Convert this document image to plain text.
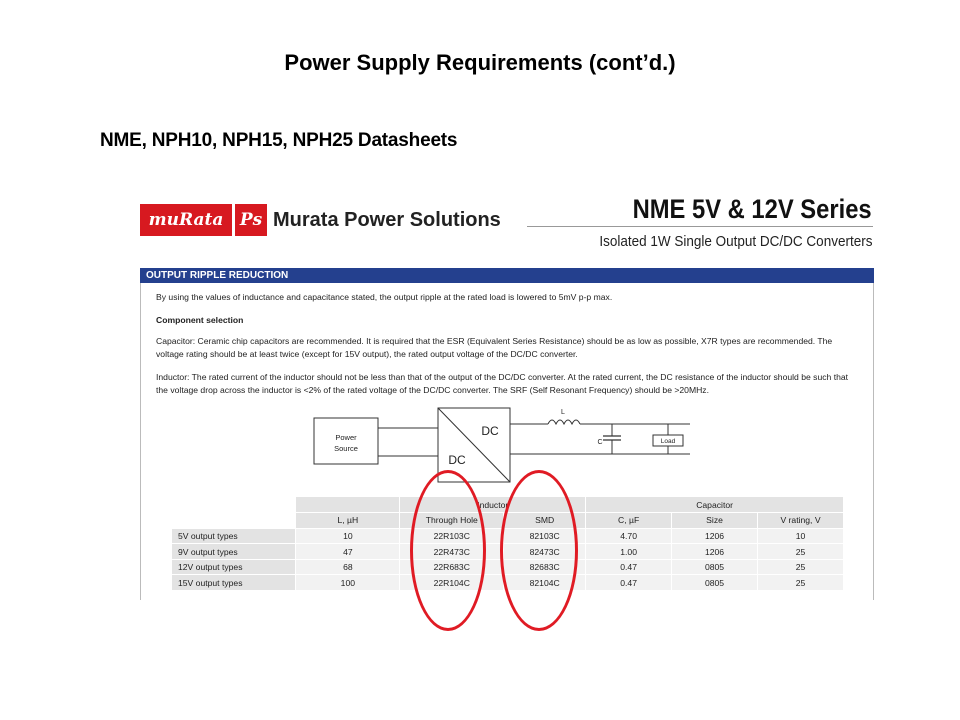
Power Supply Requirements (cont’d.)
NME, NPH10, NPH15, NPH25 Datasheets
muRata Ps Murata Power Solutions	NME 5V & 12V Series
Isolated 1W Single Output DC/DC Converters
OUTPUT RIPPLE REDUCTION
By using the values of inductance and capacitance stated, the output ripple at the rated load is lowered to 5mV p-p max.
Component selection
Capacitor: Ceramic chip capacitors are recommended. It is required that the ESR (Equivalent Series Resistance) should be as low as possible, X7R types are recommended. The voltage rating should be at least twice (except for 15V output), the rated output voltage of the DC/DC converter.
Inductor: The rated current of the inductor should not be less than that of the output of the DC/DC converter. At the rated current, the DC resistance of the inductor should be such that the voltage drop across the inductor is <2% of the rated voltage of the DC/DC converter. The SRF (Self Resonant Frequency) should be >20MHz.
Power
Source
DC
DC
L
C	Load
		Inductor		Capacitor		
	L, µH	Through Hole	SMD	C, µF	Size	V rating, V
5V output types	10	22R103C	82103C	4.70	1206	10
9V output types	47	22R473C	82473C	1.00	1206	25
12V output types	68	22R683C	82683C	0.47	0805	25
15V output types	100	22R104C	82104C	0.47	0805	25
